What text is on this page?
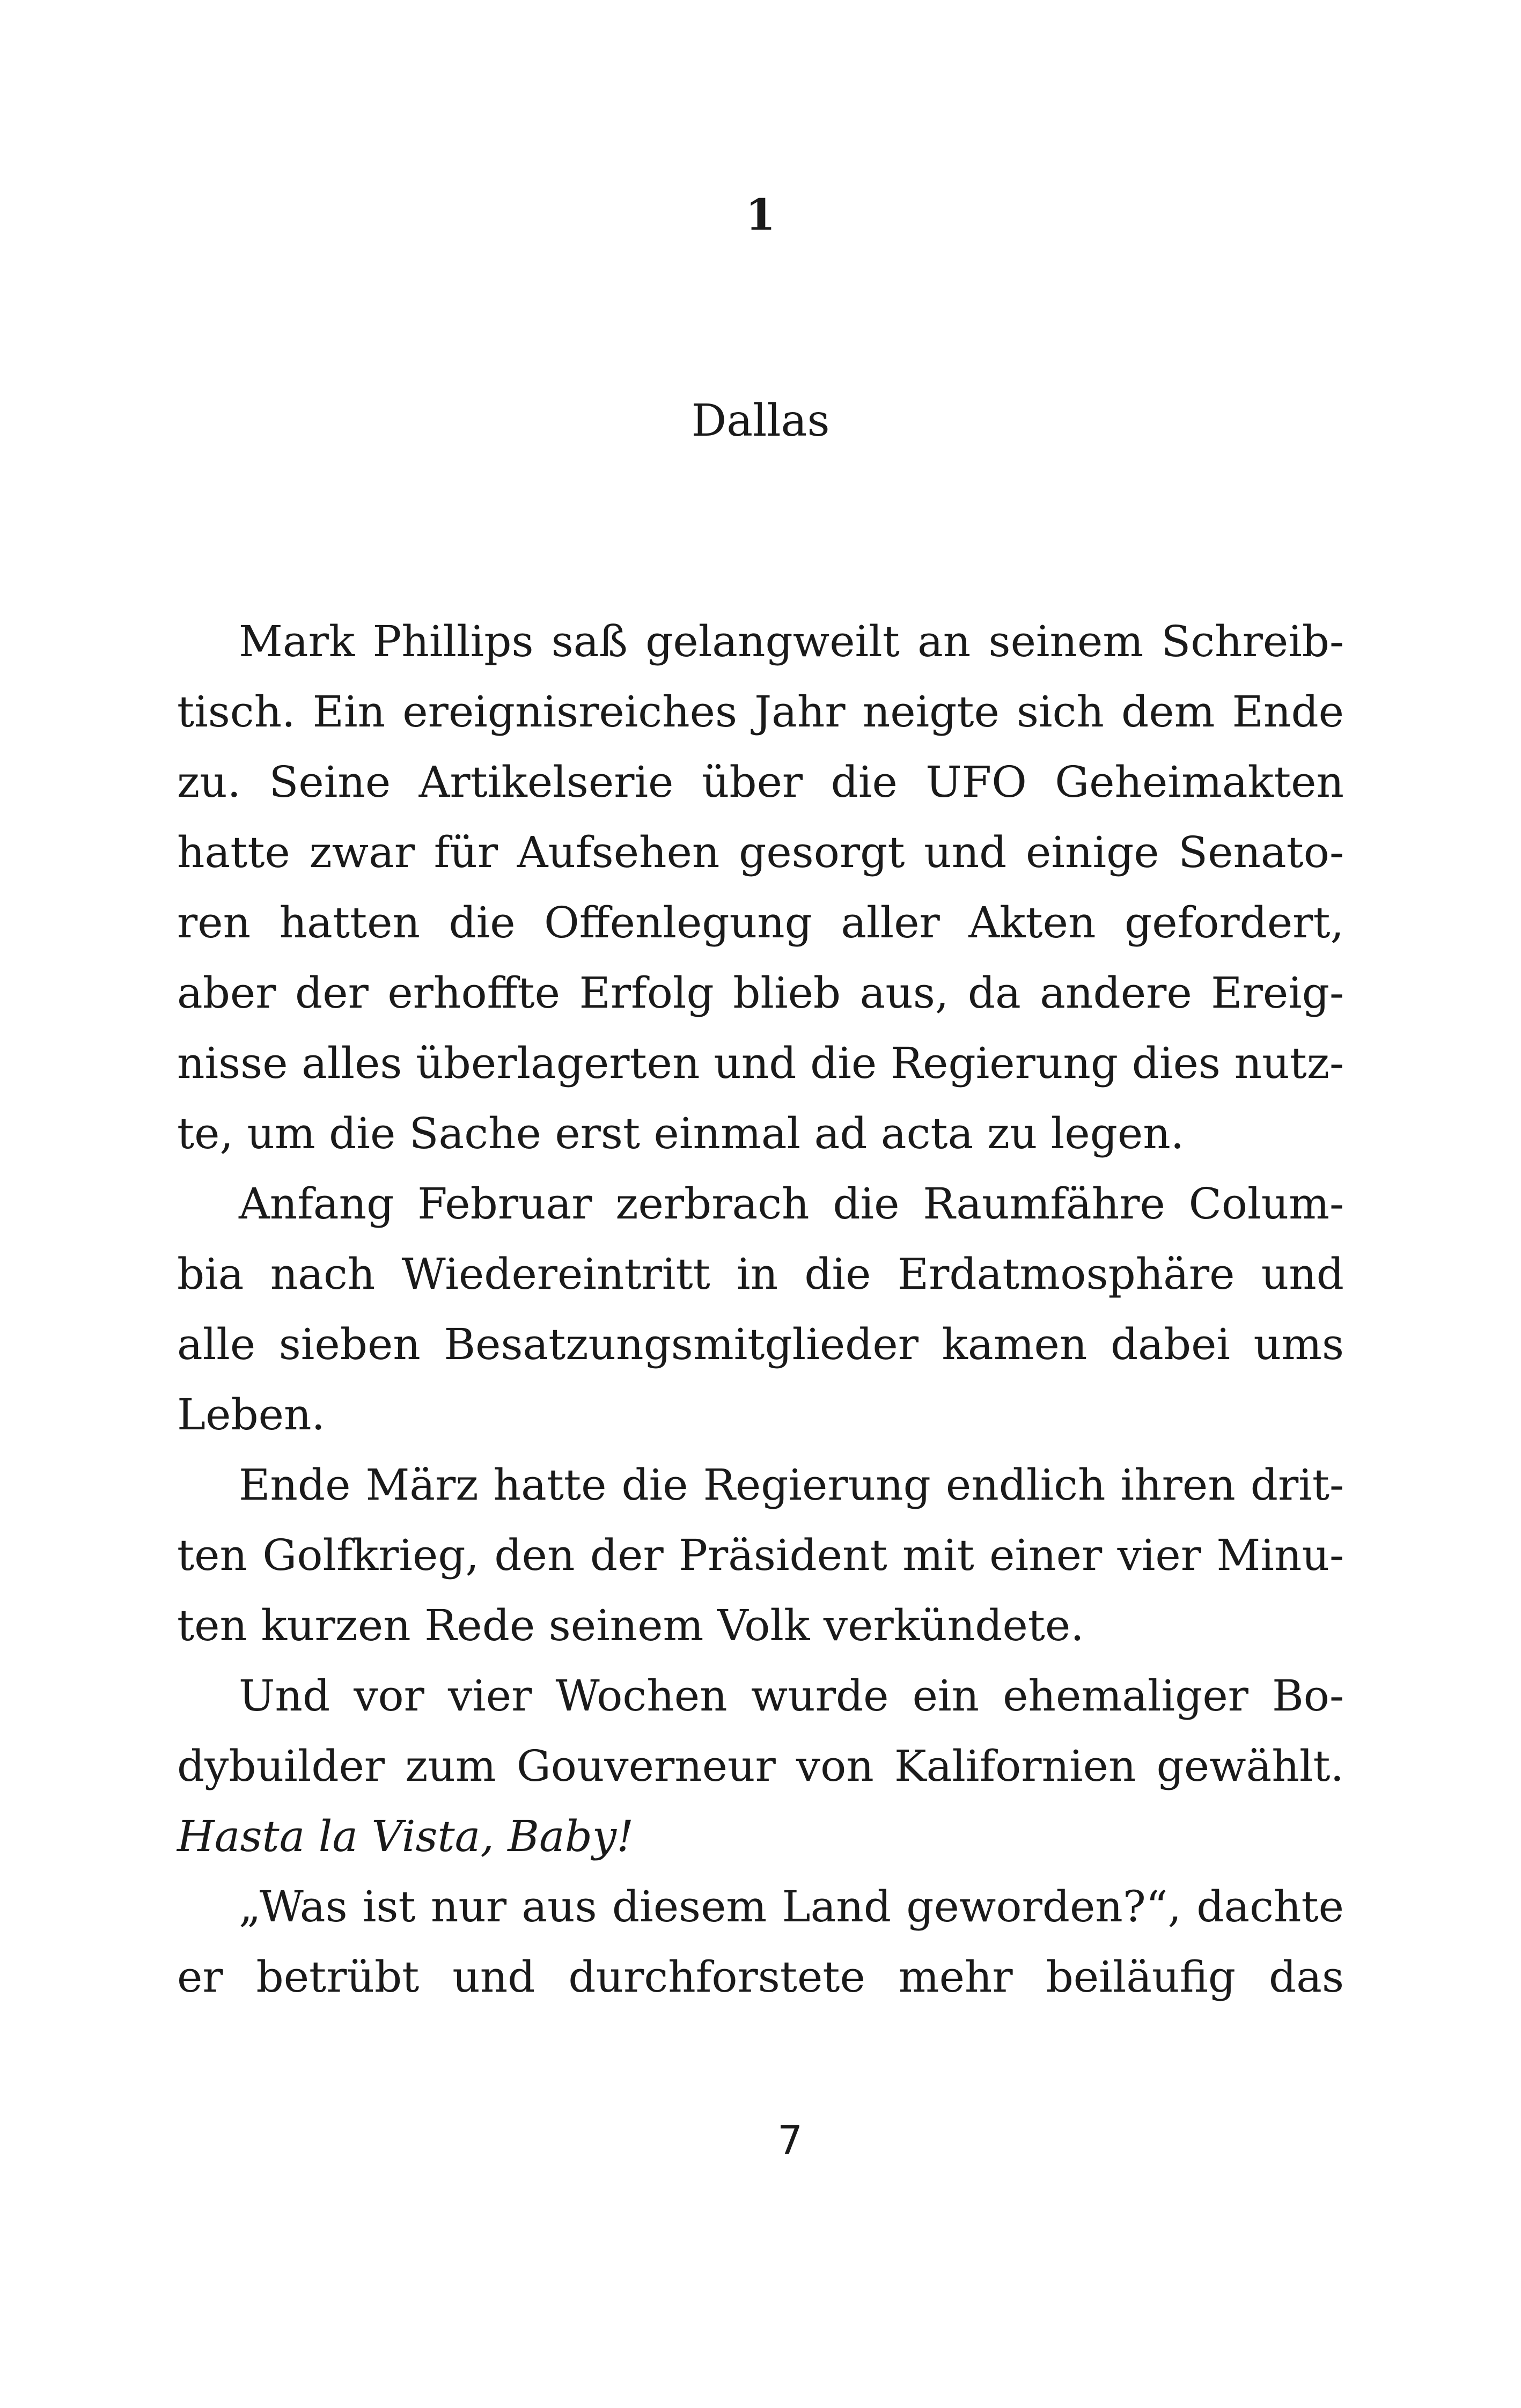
1
Dallas
Mark Phillips saß gelangweilt an seinem Schreib-
tisch. Ein ereignisreiches Jahr neigte sich dem Ende
zu. Seine Artikelserie über die UFO Geheimakten
hatte zwar für Aufsehen gesorgt und einige Senato-
ren hatten die Offenlegung aller Akten gefordert,
aber der erhoffte Erfolg blieb aus, da andere Ereig-
nisse alles überlagerten und die Regierung dies nutz-
te, um die Sache erst einmal ad acta zu legen.
Anfang Februar zerbrach die Raumfähre Colum-
bia nach Wiedereintritt in die Erdatmosphäre und
alle sieben Besatzungsmitglieder kamen dabei ums
Leben.
Ende März hatte die Regierung endlich ihren drit-
ten Golfkrieg, den der Präsident mit einer vier Minu-
ten kurzen Rede seinem Volk verkündete.
Und vor vier Wochen wurde ein ehemaliger Bo-
dybuilder zum Gouverneur von Kalifornien gewählt.
Hasta la Vista, Baby!
„Was ist nur aus diesem Land geworden?“, dachte
er betrübt und durchforstete mehr beiläufig das
7
